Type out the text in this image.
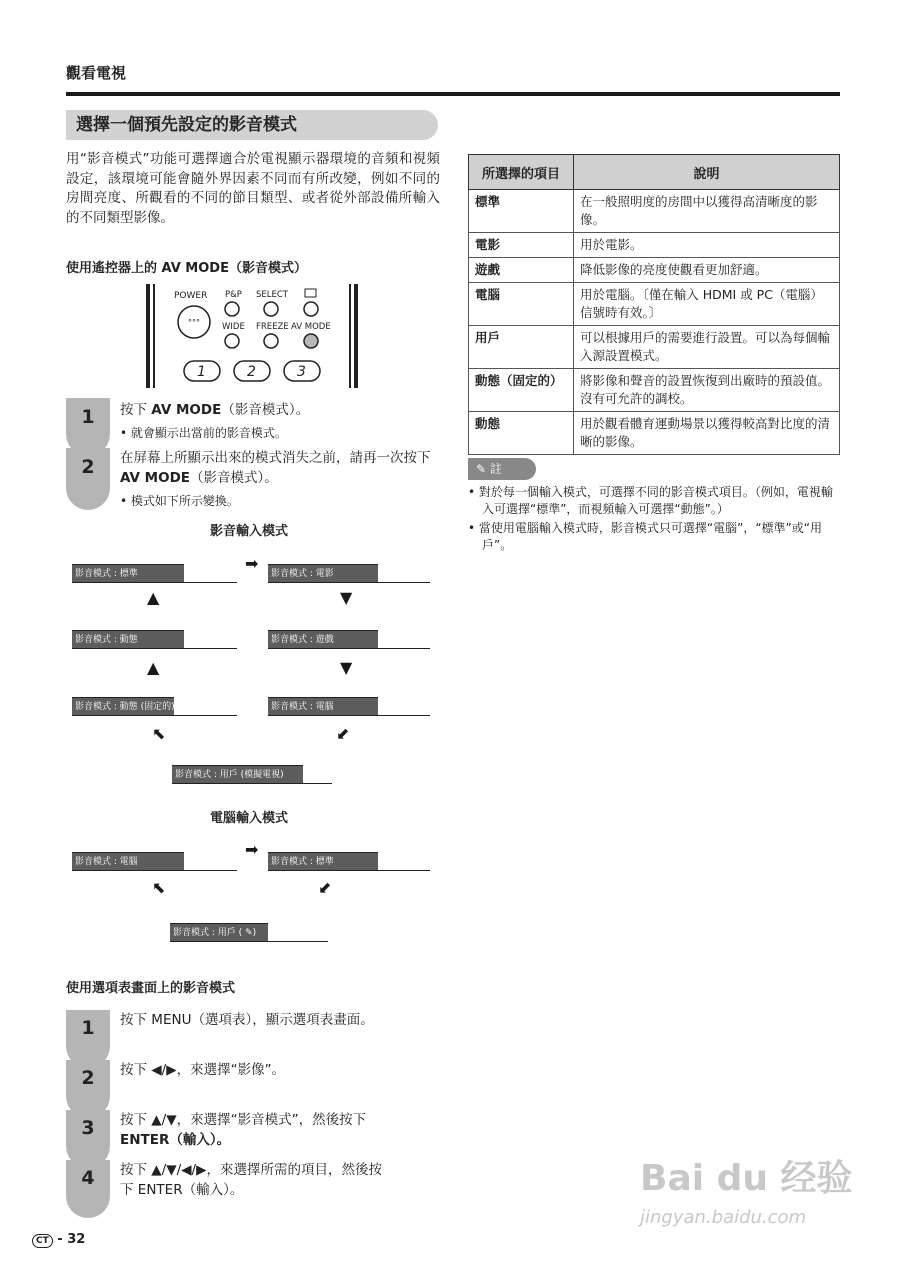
觀看電視
選擇一個預先設定的影音模式
用“影音模式”功能可選擇適合於電視顯示器環境的音頻和視頻設定，該環境可能會隨外界因素不同而有所改變，例如不同的房間亮度、所觀看的不同的節目類型、或者從外部設備所輸入的不同類型影像。
使用遙控器上的 AV MODE（影音模式）
POWER
°°°
P&P SELECT
WIDE FREEZE AV MODE
1	2	3
1	按下 AV MODE（影音模式）。
• 就會顯示出當前的影音模式。
2	在屏幕上所顯示出來的模式消失之前，請再一次按下 AV MODE（影音模式）。
• 模式如下所示變換。
影音輸入模式
影音模式 : 標準	影音模式 : 電影
➡
▲	▼
影音模式 : 動態	影音模式 : 遊戲
▲	▼
影音模式 : 動態 (固定的)	影音模式 : 電腦
⬉	⬋
影音模式 : 用戶 (模擬電視)
電腦輸入模式
影音模式 : 電腦	影音模式 : 標準
➡
⬉	⬋
影音模式 : 用戶 ( ✎)
使用選項表畫面上的影音模式
1	按下 MENU（選項表），顯示選項表畫面。
2	按下 ◀/▶，來選擇“影像”。
3	按下 ▲/▼，來選擇“影音模式”，然後按下
ENTER（輸入）。
4	按下 ▲/▼/◀/▶，來選擇所需的項目，然後按
下 ENTER（輸入）。
所選擇的項目	說明
標準	在一般照明度的房間中以獲得高清晰度的影像。
電影	用於電影。
遊戲	降低影像的亮度使觀看更加舒適。
電腦	用於電腦。〔僅在輸入 HDMI 或 PC（電腦）信號時有效。〕
用戶	可以根據用戶的需要進行設置。可以為每個輸入源設置模式。
動態（固定的）	將影像和聲音的設置恢復到出廠時的預設值。沒有可允許的調校。
動態	用於觀看體育運動場景以獲得較高對比度的清晰的影像。
✎ 註
• 對於每一個輸入模式，可選擇不同的影音模式項目。（例如，電視輸入可選擇“標準”，而視頻輸入可選擇“動態”。）
• 當使用電腦輸入模式時，影音模式只可選擇“電腦”，“標準”或“用戶”。
CT - 32
Bai du 经验
jingyan.baidu.com
